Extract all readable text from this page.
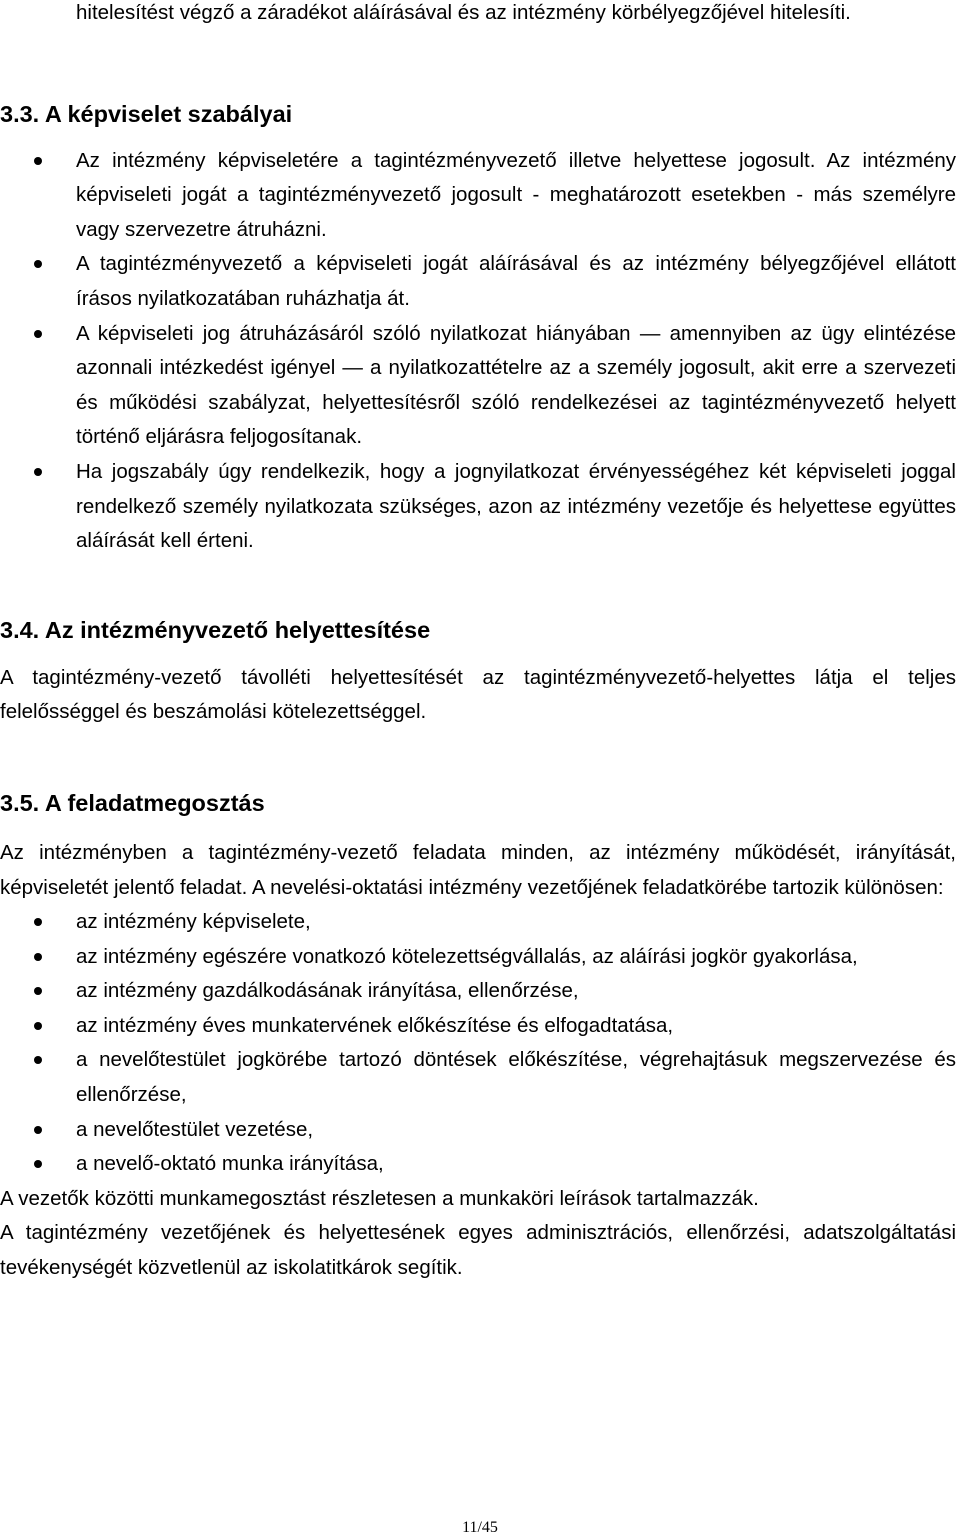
hitelesítést végző a záradékot aláírásával és az intézmény körbélyegzőjével hitelesíti.

3.3. A képviselet szabályai
Az intézmény képviseletére a tagintézményvezető illetve helyettese jogosult. Az intézmény képviseleti jogát a tagintézményvezető jogosult - meghatározott esetekben - más személyre vagy szervezetre átruházni.
A tagintézményvezető a képviseleti jogát aláírásával és az intézmény bélyegzőjével ellátott írásos nyilatkozatában ruházhatja át.
A képviseleti jog átruházásáról szóló nyilatkozat hiányában — amennyiben az ügy elintézése azonnali intézkedést igényel — a nyilatkozattételre az a személy jogosult, akit erre a szervezeti és működési szabályzat, helyettesítésről szóló rendelkezései az tagintézményvezető helyett történő eljárásra feljogosítanak.
Ha jogszabály úgy rendelkezik, hogy a jognyilatkozat érvényességéhez két képviseleti joggal rendelkező személy nyilatkozata szükséges, azon az intézmény vezetője és helyettese együttes aláírását kell érteni.
3.4. Az intézményvezető helyettesítése

A tagintézmény-vezető távolléti helyettesítését az tagintézményvezető-helyettes látja el teljes felelősséggel és beszámolási kötelezettséggel.

3.5. A feladatmegosztás

Az intézményben a tagintézmény-vezető feladata minden, az intézmény működését, irányítását, képviseletét jelentő feladat. A nevelési-oktatási intézmény vezetőjének feladatkörébe tartozik különösen:

az intézmény képviselete,
az intézmény egészére vonatkozó kötelezettségvállalás, az aláírási jogkör gyakorlása,
az intézmény gazdálkodásának irányítása, ellenőrzése,
az intézmény éves munkatervének előkészítése és elfogadtatása,
a nevelőtestület jogkörébe tartozó döntések előkészítése, végrehajtásuk megszervezése és ellenőrzése,
a nevelőtestület vezetése,
a nevelő-oktató munka irányítása,

A vezetők közötti munkamegosztást részletesen a munkaköri leírások tartalmazzák.

A tagintézmény vezetőjének és helyettesének egyes adminisztrációs, ellenőrzési, adatszolgáltatási tevékenységét közvetlenül az iskolatitkárok segítik.

11/45
